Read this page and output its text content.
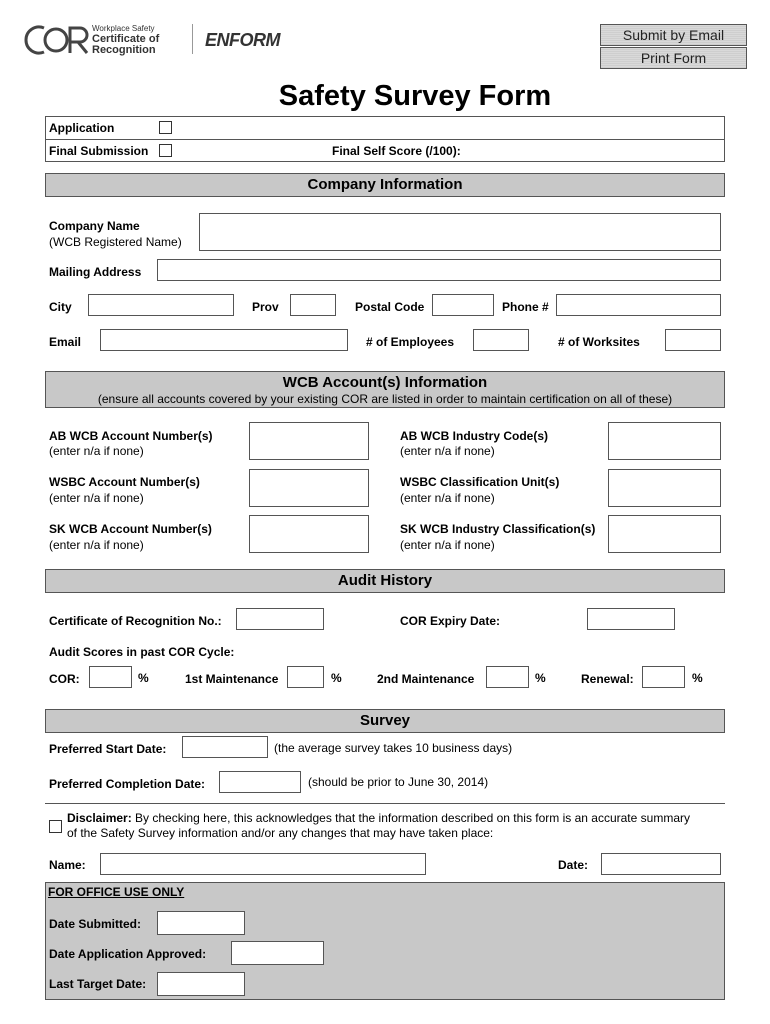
Workplace Safety
Certificate of
Recognition	ENFORM	Submit by Email
Print Form
Safety Survey Form
Application
Final Submission	Final Self Score (/100):
Company Information
Company Name
(WCB Registered Name)
Mailing Address
City	Prov	Postal Code	Phone #
Email	# of Employees	# of Worksites
WCB Account(s) Information
(ensure all accounts covered by your existing COR are listed in order to maintain certification on all of these)
AB WCB Account Number(s)
(enter n/a if none)
AB WCB Industry Code(s)
(enter n/a if none)
WSBC Account Number(s)
(enter n/a if none)
WSBC Classification Unit(s)
(enter n/a if none)
SK WCB Account Number(s)
(enter n/a if none)
SK WCB Industry Classification(s)
(enter n/a if none)
Audit History
Certificate of Recognition No.:	COR Expiry Date:
Audit Scores in past COR Cycle:
COR:	%	1st Maintenance	%	2nd Maintenance	%	Renewal:	%
Survey
Preferred Start Date:	(the average survey takes 10 business days)
Preferred Completion Date:	(should be prior to June 30, 2014)
Disclaimer: By checking here, this acknowledges that the information described on this form is an accurate summary
of the Safety Survey information and/or any changes that may have taken place:
Name:	Date:
FOR OFFICE USE ONLY
Date Submitted:
Date Application Approved:
Last Target Date:
